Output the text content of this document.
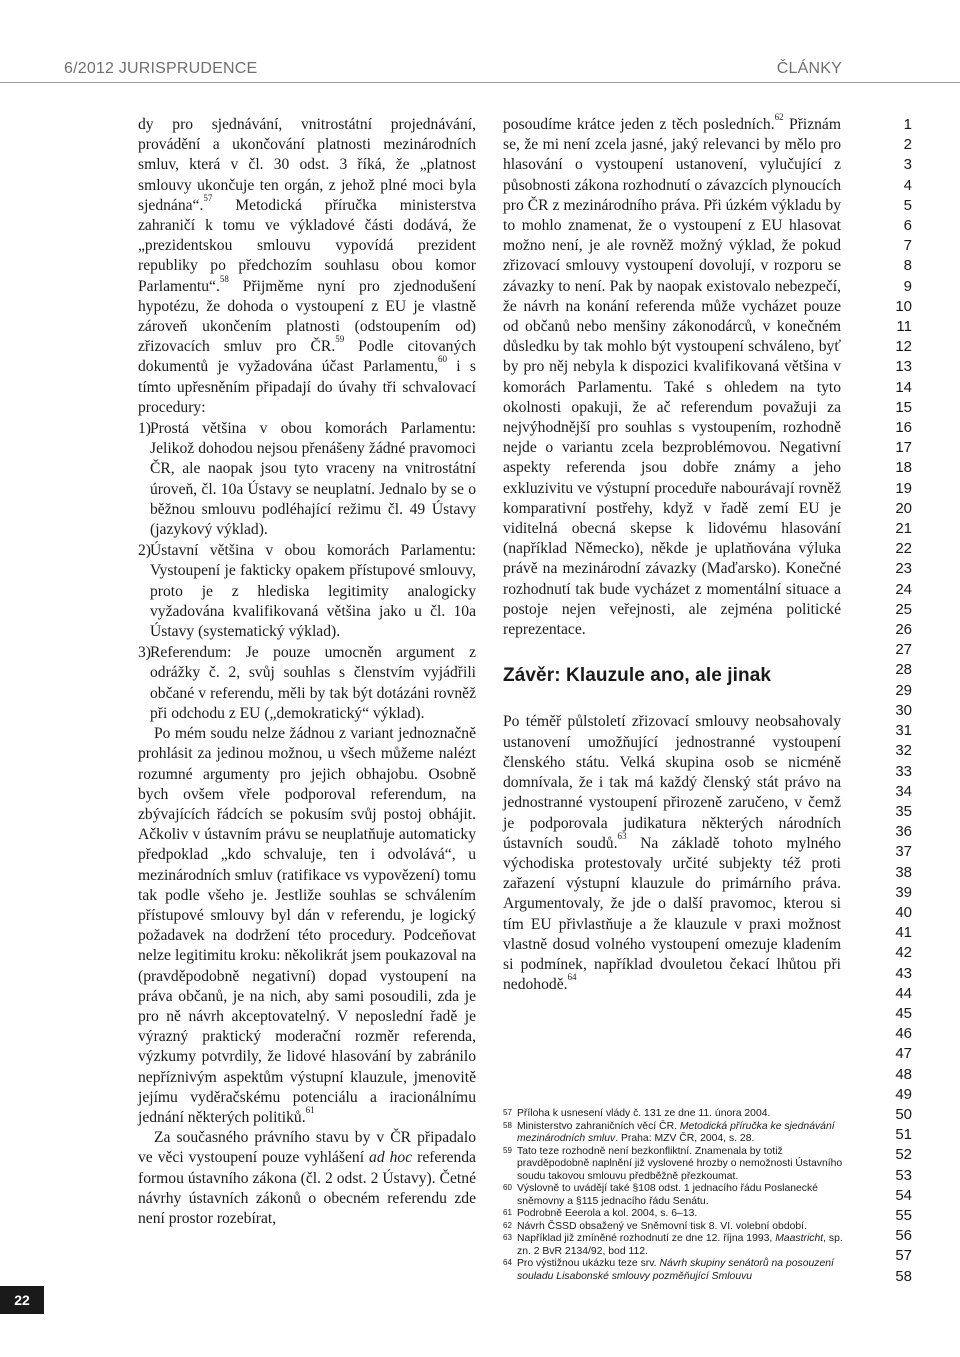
6/2012 JURISPRUDENCE	ČLÁNKY

dy pro sjednávání, vnitrostátní projednávání, provádění a ukončování platnosti mezinárodních smluv, která v čl. 30 odst. 3 říká, že „platnost smlouvy ukončuje ten orgán, z jehož plné moci byla sjednána“.$^{57}$ Metodická příručka ministerstva zahraničí k tomu ve výkladové části dodává, že „prezidentskou smlouvu vypovídá prezident republiky po předchozím souhlasu obou komor Parlamentu“.$^{58}$ Přijměme nyní pro zjednodušení hypotézu, že dohoda o vystoupení z EU je vlastně zároveň ukončením platnosti (odstoupením od) zřizovacích smluv pro ČR.$^{59}$ Podle citovaných dokumentů je vyžadována účast Parlamentu,$^{60}$ i s tímto upřesněním připadají do úvahy tři schvalovací procedury:

1) Prostá většina v obou komorách Parlamentu: Jelikož dohodou nejsou přenášeny žádné pravomoci ČR, ale naopak jsou tyto vraceny na vnitrostátní úroveň, čl. 10a Ústavy se neuplatní. Jednalo by se o běžnou smlouvu podléhající režimu čl. 49 Ústavy (jazykový výklad).
2) Ústavní většina v obou komorách Parlamentu: Vystoupení je fakticky opakem přístupové smlouvy, proto je z hlediska legitimity analogicky vyžadována kvalifikovaná většina jako u čl. 10a Ústavy (systematický výklad).
3) Referendum: Je pouze umocněn argument z odrážky č. 2, svůj souhlas s členstvím vyjádřili občané v referendu, měli by tak být dotázáni rovněž při odchodu z EU („demokratický“ výklad).

Po mém soudu nelze žádnou z variant jednoznačně prohlásit za jedinou možnou, u všech můžeme nalézt rozumné argumenty pro jejich obhajobu. Osobně bych ovšem vřele podporoval referendum, na zbývajících řádcích se pokusím svůj postoj obhájit. Ačkoliv v ústavním právu se neuplatňuje automaticky předpoklad „kdo schvaluje, ten i odvolává“, u mezinárodních smluv (ratifikace vs vypovězení) tomu tak podle všeho je. Jestliže souhlas se schválením přístupové smlouvy byl dán v referendu, je logický požadavek na dodržení této procedury. Podceňovat nelze legitimitu kroku: několikrát jsem poukazoval na (pravděpodobně negativní) dopad vystoupení na práva občanů, je na nich, aby sami posoudili, zda je pro ně návrh akceptovatelný. V neposlední řadě je výrazný praktický moderační rozměr referenda, výzkumy potvrdily, že lidové hlasování by zabránilo nepříznivým aspektům výstupní klauzule, jmenovitě jejímu vyděračskému potenciálu a iracionálnímu jednání některých politiků.$^{61}$

Za současného právního stavu by v ČR připadalo ve věci vystoupení pouze vyhlášení ad hoc referenda formou ústavního zákona (čl. 2 odst. 2 Ústavy). Četné návrhy ústavních zákonů o obecném referendu zde není prostor rozebírat,

posoudíme krátce jeden z těch posledních.$^{62}$ Přiznám se, že mi není zcela jasné, jaký relevanci by mělo pro hlasování o vystoupení ustanovení, vylučující z působnosti zákona rozhodnutí o závazcích plynoucích pro ČR z mezinárodního práva. Při úzkém výkladu by to mohlo znamenat, že o vystoupení z EU hlasovat možno není, je ale rovněž možný výklad, že pokud zřizovací smlouvy vystoupení dovolují, v rozporu se závazky to není. Pak by naopak existovalo nebezpečí, že návrh na konání referenda může vycházet pouze od občanů nebo menšiny zákonodárců, v konečném důsledku by tak mohlo být vystoupení schváleno, byť by pro něj nebyla k dispozici kvalifikovaná většina v komorách Parlamentu. Také s ohledem na tyto okolnosti opakuji, že ač referendum považuji za nejvýhodnější pro souhlas s vystoupením, rozhodně nejde o variantu zcela bezproblémovou. Negativní aspekty referenda jsou dobře známy a jeho exkluzivitu ve výstupní proceduře nabourávají rovněž komparativní postřehy, když v řadě zemí EU je viditelná obecná skepse k lidovému hlasování (například Německo), někde je uplatňována výluka právě na mezinárodní závazky (Maďarsko). Konečné rozhodnutí tak bude vycházet z momentální situace a postoje nejen veřejnosti, ale zejména politické reprezentace.

Závěr: Klauzule ano, ale jinak

Po téměř půlstoletí zřizovací smlouvy neobsahovaly ustanovení umožňující jednostranné vystoupení členského státu. Velká skupina osob se nicméně domnívala, že i tak má každý členský stát právo na jednostranné vystoupení přirozeně zaručeno, v čemž je podporovala judikatura některých národních ústavních soudů.$^{63}$ Na základě tohoto mylného východiska protestovaly určité subjekty též proti zařazení výstupní klauzule do primárního práva. Argumentovaly, že jde o další pravomoc, kterou si tím EU přivlastňuje a že klauzule v praxi možnost vlastně dosud volného vystoupení omezuje kladením si podmínek, například dvouletou čekací lhůtou při nedohodě.$^{64}$

57 Příloha k usnesení vlády č. 131 ze dne 11. února 2004.
58 Ministerstvo zahraničních věcí ČR. Metodická příručka ke sjednávání mezinárodních smluv. Praha: MZV ČR, 2004, s. 28.
59 Tato teze rozhodně není bezkonfliktní. Znamenala by totiž pravděpodobně naplnění již vyslovené hrozby o nemožnosti Ústavního soudu takovou smlouvu předběžně přezkoumat.
60 Výslovně to uvádějí také §108 odst. 1 jednacího řádu Poslanecké sněmovny a §115 jednacího řádu Senátu.
61 Podrobně Eeerola a kol. 2004, s. 6–13.
62 Návrh ČSSD obsažený ve Sněmovní tisk 8. VI. volební období.
63 Například již zmíněné rozhodnutí ze dne 12. října 1993, Maastricht, sp. zn. 2 BvR 2134/92, bod 112.
64 Pro výstižnou ukázku teze srv. Návrh skupiny senátorů na posouzení souladu Lisabonské smlouvy pozměňující Smlouvu
1
2
3
4
5
6
7
8
9
10
11
12
13
14
15
16
17
18
19
20
21
22
23
24
25
26
27
28
29
30
31
32
33
34
35
36
37
38
39
40
41
42
43
44
45
46
47
48
49
50
51
52
53
54
55
56
57
58
22
